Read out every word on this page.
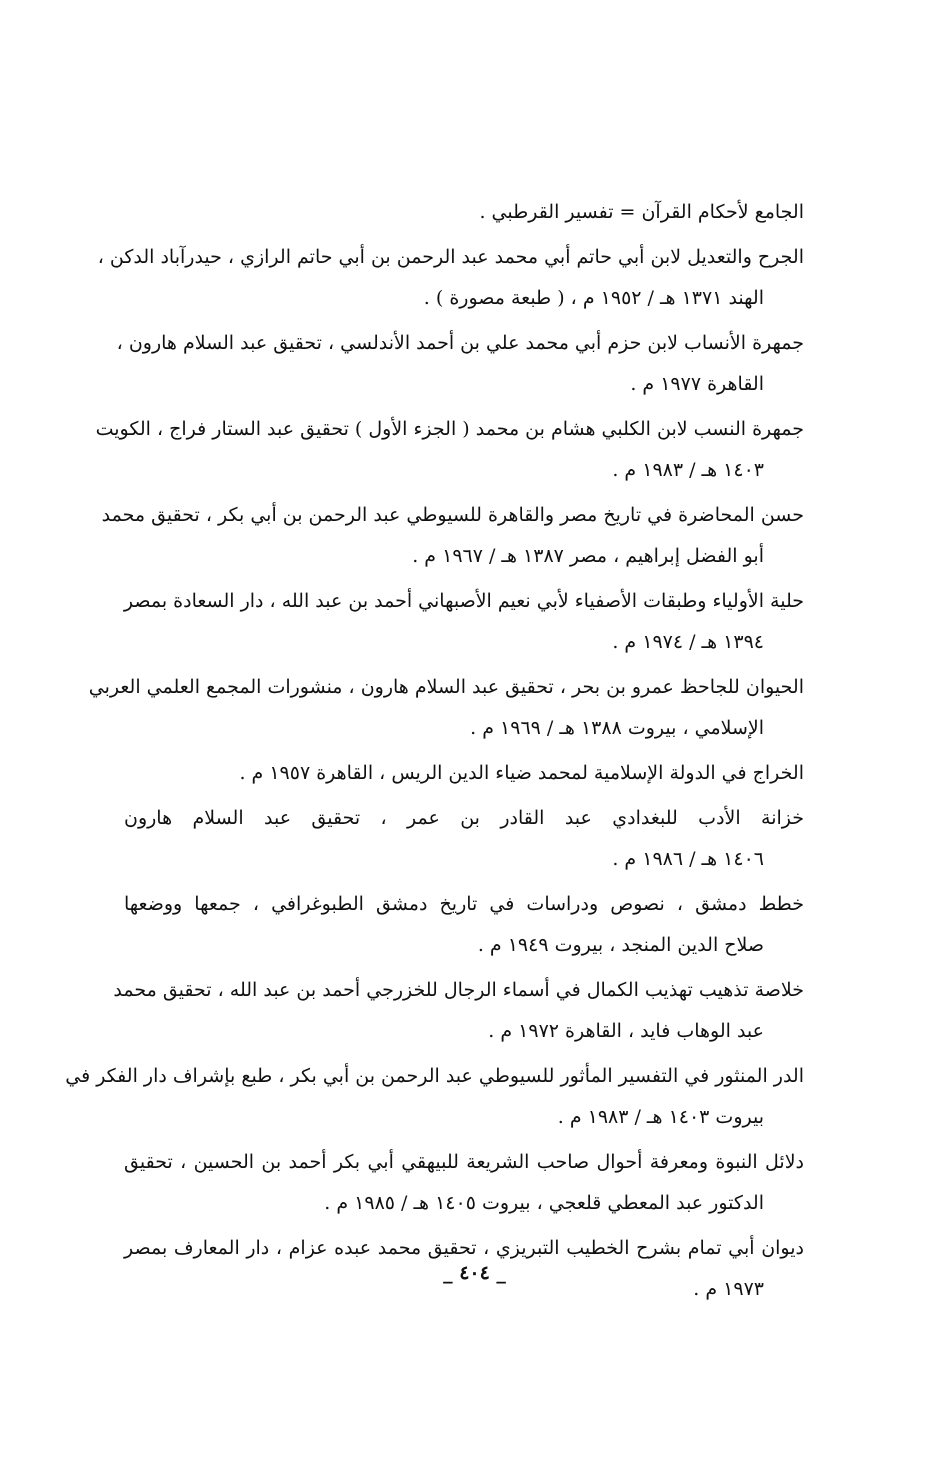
الجامع لأحكام القرآن = تفسير القرطبي .
الجرح والتعديل لابن أبي حاتم أبي محمد عبد الرحمن بن أبي حاتم الرازي ، حيدرآباد الدكن ،
الهند ١٣٧١ هـ / ١٩٥٢ م ، ( طبعة مصورة ) .
جمهرة الأنساب لابن حزم أبي محمد علي بن أحمد الأندلسي ، تحقيق عبد السلام هارون ،
القاهرة ١٩٧٧ م .
جمهرة النسب لابن الكلبي هشام بن محمد ( الجزء الأول ) تحقيق عبد الستار فراج ، الكويت
١٤٠٣ هـ / ١٩٨٣ م .
حسن المحاضرة في تاريخ مصر والقاهرة للسيوطي عبد الرحمن بن أبي بكر ، تحقيق محمد
أبو الفضل إبراهيم ، مصر ١٣٨٧ هـ / ١٩٦٧ م .
حلية الأولياء وطبقات الأصفياء لأبي نعيم الأصبهاني أحمد بن عبد الله ، دار السعادة بمصر
١٣٩٤ هـ / ١٩٧٤ م .
الحيوان للجاحظ عمرو بن بحر ، تحقيق عبد السلام هارون ، منشورات المجمع العلمي العربي
الإسلامي ، بيروت ١٣٨٨ هـ / ١٩٦٩ م .
الخراج في الدولة الإسلامية لمحمد ضياء الدين الريس ، القاهرة ١٩٥٧ م .
خزانة الأدب للبغدادي عبد القادر بن عمر ، تحقيق عبد السلام هارون
١٤٠٦ هـ / ١٩٨٦ م .
خطط دمشق ، نصوص ودراسات في تاريخ دمشق الطبوغرافي ، جمعها ووضعها
صلاح الدين المنجد ، بيروت ١٩٤٩ م .
خلاصة تذهيب تهذيب الكمال في أسماء الرجال للخزرجي أحمد بن عبد الله ، تحقيق محمد
عبد الوهاب فايد ، القاهرة ١٩٧٢ م .
الدر المنثور في التفسير المأثور للسيوطي عبد الرحمن بن أبي بكر ، طبع بإشراف دار الفكر في
بيروت ١٤٠٣ هـ / ١٩٨٣ م .
دلائل النبوة ومعرفة أحوال صاحب الشريعة للبيهقي أبي بكر أحمد بن الحسين ، تحقيق
الدكتور عبد المعطي قلعجي ، بيروت ١٤٠٥ هـ / ١٩٨٥ م .
ديوان أبي تمام بشرح الخطيب التبريزي ، تحقيق محمد عبده عزام ، دار المعارف بمصر
١٩٧٣ م .
_ ٤٠٤ _
